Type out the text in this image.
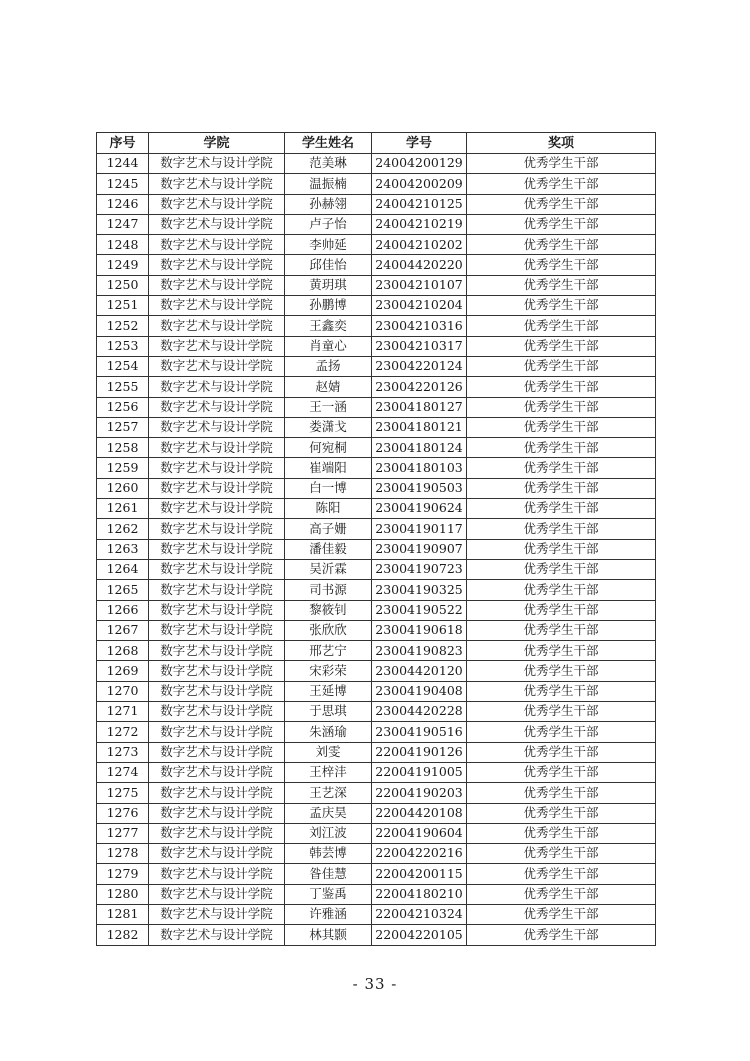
序号	学院	学生姓名	学号	奖项
1244	数字艺术与设计学院	范美琳	24004200129	优秀学生干部
1245	数字艺术与设计学院	温振楠	24004200209	优秀学生干部
1246	数字艺术与设计学院	孙赫翎	24004210125	优秀学生干部
1247	数字艺术与设计学院	卢子怡	24004210219	优秀学生干部
1248	数字艺术与设计学院	李帅延	24004210202	优秀学生干部
1249	数字艺术与设计学院	邱佳怡	24004420220	优秀学生干部
1250	数字艺术与设计学院	黄玥琪	23004210107	优秀学生干部
1251	数字艺术与设计学院	孙鹏博	23004210204	优秀学生干部
1252	数字艺术与设计学院	王鑫奕	23004210316	优秀学生干部
1253	数字艺术与设计学院	肖童心	23004210317	优秀学生干部
1254	数字艺术与设计学院	孟扬	23004220124	优秀学生干部
1255	数字艺术与设计学院	赵婧	23004220126	优秀学生干部
1256	数字艺术与设计学院	王一涵	23004180127	优秀学生干部
1257	数字艺术与设计学院	娄潇戈	23004180121	优秀学生干部
1258	数字艺术与设计学院	何宛桐	23004180124	优秀学生干部
1259	数字艺术与设计学院	崔端阳	23004180103	优秀学生干部
1260	数字艺术与设计学院	白一博	23004190503	优秀学生干部
1261	数字艺术与设计学院	陈阳	23004190624	优秀学生干部
1262	数字艺术与设计学院	高子姗	23004190117	优秀学生干部
1263	数字艺术与设计学院	潘佳毅	23004190907	优秀学生干部
1264	数字艺术与设计学院	吴沂霖	23004190723	优秀学生干部
1265	数字艺术与设计学院	司书源	23004190325	优秀学生干部
1266	数字艺术与设计学院	黎筱钊	23004190522	优秀学生干部
1267	数字艺术与设计学院	张欣欣	23004190618	优秀学生干部
1268	数字艺术与设计学院	邢艺宁	23004190823	优秀学生干部
1269	数字艺术与设计学院	宋彩荣	23004420120	优秀学生干部
1270	数字艺术与设计学院	王延博	23004190408	优秀学生干部
1271	数字艺术与设计学院	于思琪	23004420228	优秀学生干部
1272	数字艺术与设计学院	朱涵瑜	23004190516	优秀学生干部
1273	数字艺术与设计学院	刘雯	22004190126	优秀学生干部
1274	数字艺术与设计学院	王梓沣	22004191005	优秀学生干部
1275	数字艺术与设计学院	王艺深	22004190203	优秀学生干部
1276	数字艺术与设计学院	孟庆昊	22004420108	优秀学生干部
1277	数字艺术与设计学院	刘江波	22004190604	优秀学生干部
1278	数字艺术与设计学院	韩芸博	22004220216	优秀学生干部
1279	数字艺术与设计学院	昝佳慧	22004200115	优秀学生干部
1280	数字艺术与设计学院	丁鉴禹	22004180210	优秀学生干部
1281	数字艺术与设计学院	许雅涵	22004210324	优秀学生干部
1282	数字艺术与设计学院	林其颢	22004220105	优秀学生干部
- 33 -
